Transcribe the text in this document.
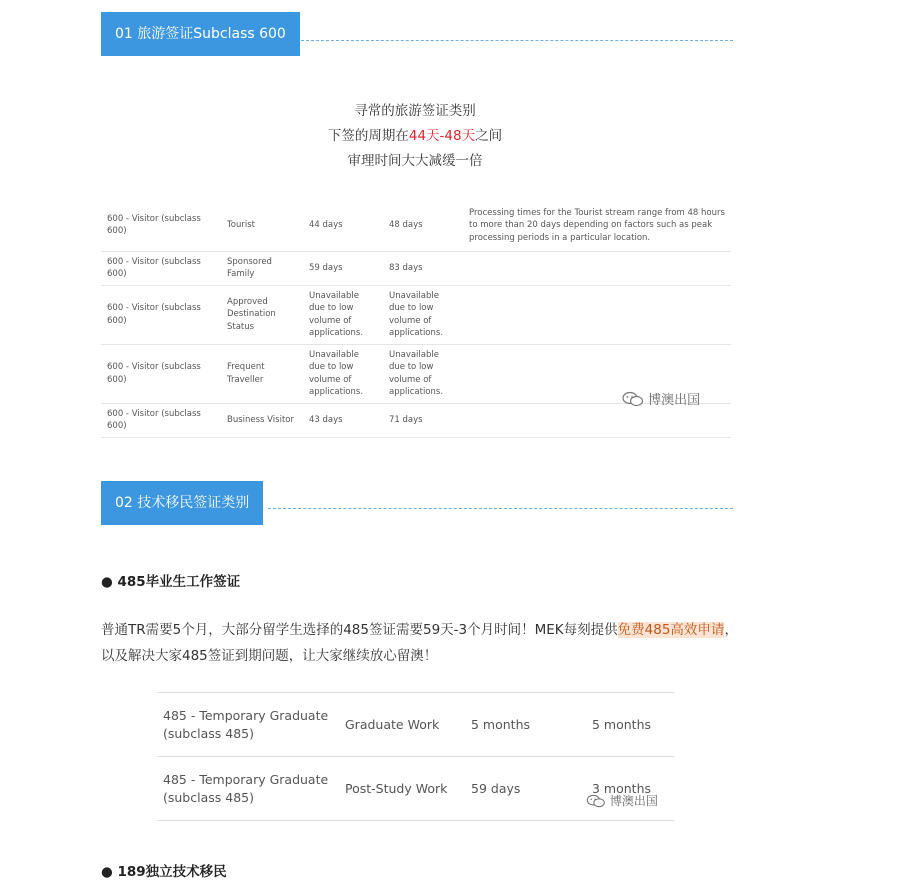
01 旅游签证Subclass 600
寻常的旅游签证类别
下签的周期在44天-48天之间
审理时间大大减缓一倍
600 - Visitor (subclass 600)	Tourist	44 days	48 days	Processing times for the Tourist stream range from 48 hours to more than 20 days depending on factors such as peak processing periods in a particular location.
600 - Visitor (subclass 600)	Sponsored Family	59 days	83 days	
600 - Visitor (subclass 600)	Approved Destination Status	Unavailable due to low volume of applications.	Unavailable due to low volume of applications.	
600 - Visitor (subclass 600)	Frequent Traveller	Unavailable due to low volume of applications.	Unavailable due to low volume of applications.	
600 - Visitor (subclass 600)	Business Visitor	43 days	71 days	
博澳出国
02 技术移民签证类别
● 485毕业生工作签证
普通TR需要5个月，大部分留学生选择的485签证需要59天-3个月时间！MEK每刻提供免费485高效申请，以及解决大家485签证到期问题，让大家继续放心留澳！
485 - Temporary Graduate (subclass 485)	Graduate Work	5 months	5 months
485 - Temporary Graduate (subclass 485)	Post-Study Work	59 days	3 months
博澳出国
● 189独立技术移民
